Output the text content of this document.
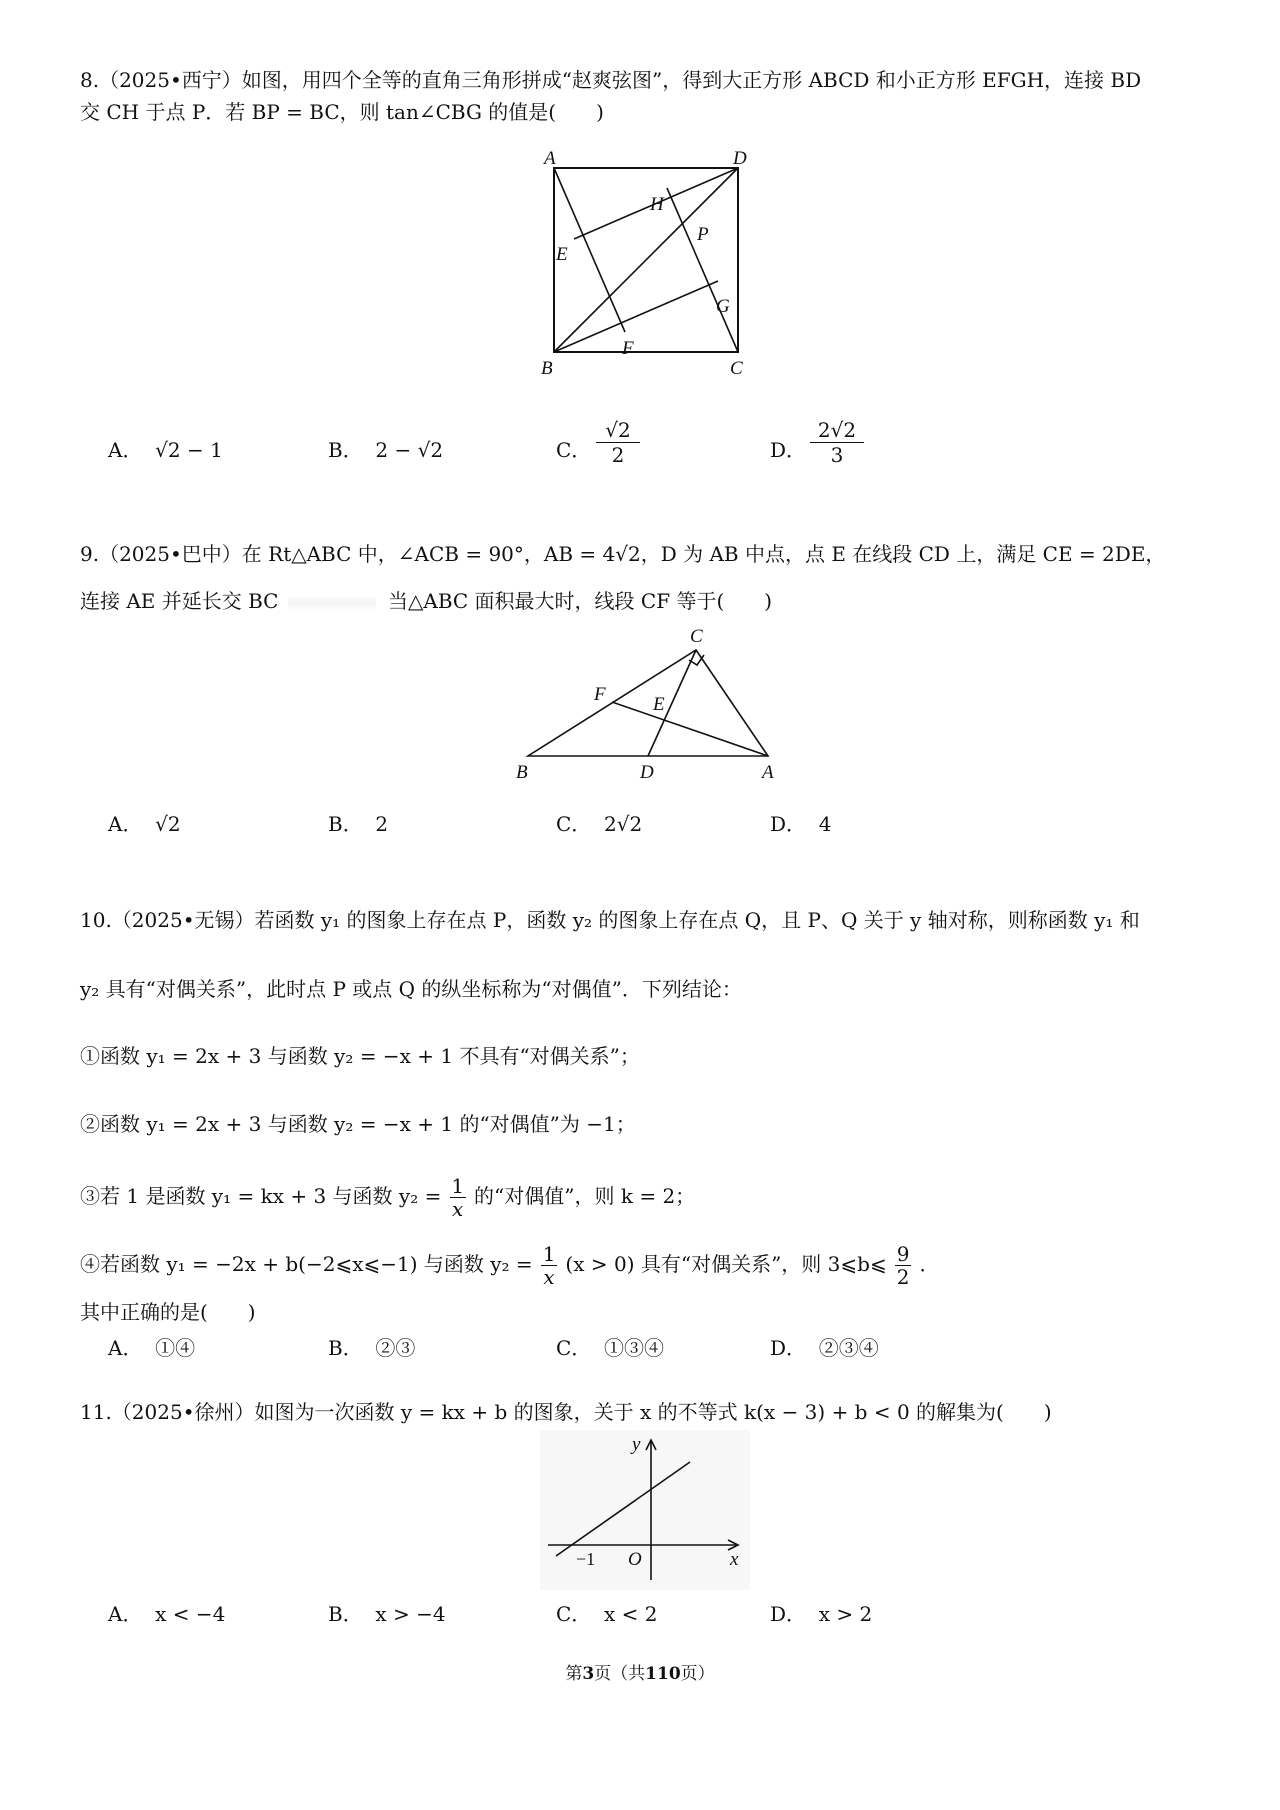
8.（2025•西宁）如图，用四个全等的直角三角形拼成“赵爽弦图”，得到大正方形 ABCD 和小正方形 EFGH，连接 BD
交 CH 于点 P．若 BP = BC，则 tan∠CBG 的值是(　　)
A	D
B	C
H
P
E
G
F
A． √2 − 1	B． 2 − √2	C．
√2
2	D．
2√2
3
9.（2025•巴中）在 Rt△ABC 中，∠ACB = 90°，AB = 4√2，D 为 AB 中点，点 E 在线段 CD 上，满足 CE = 2DE，
连接 AE 并延长交 BC	当△ABC 面积最大时，线段 CF 等于(　　)
C
B	D	A
F E
A． √2	B． 2	C． 2√2	D． 4
10.（2025•无锡）若函数 y₁ 的图象上存在点 P，函数 y₂ 的图象上存在点 Q，且 P、Q 关于 y 轴对称，则称函数 y₁ 和
y₂ 具有“对偶关系”，此时点 P 或点 Q 的纵坐标称为“对偶值”．下列结论：
①函数 y₁ = 2x + 3 与函数 y₂ = −x + 1 不具有“对偶关系”；
②函数 y₁ = 2x + 3 与函数 y₂ = −x + 1 的“对偶值”为 −1；
③若 1 是函数 y₁ = kx + 3 与函数 $y_2 = \frac{1}{x}$ 的“对偶值”，则 k = 2；
④若函数 y₁ = −2x + b(−2⩽x⩽−1) 与函数 $y_2 = \frac{1}{x} (x > 0)$ 具有“对偶关系”，则 3⩽b⩽ $\frac{9}{2}$ ．
其中正确的是(　　)
A． ①④	B． ②③	C． ①③④	D． ②③④
11.（2025•徐州）如图为一次函数 y = kx + b 的图象，关于 x 的不等式 k(x − 3) + b < 0 的解集为(　　)
x
y
O
−1
A． x < −4	B． x > −4	C． x < 2	D． x > 2
第3页（共110页）
